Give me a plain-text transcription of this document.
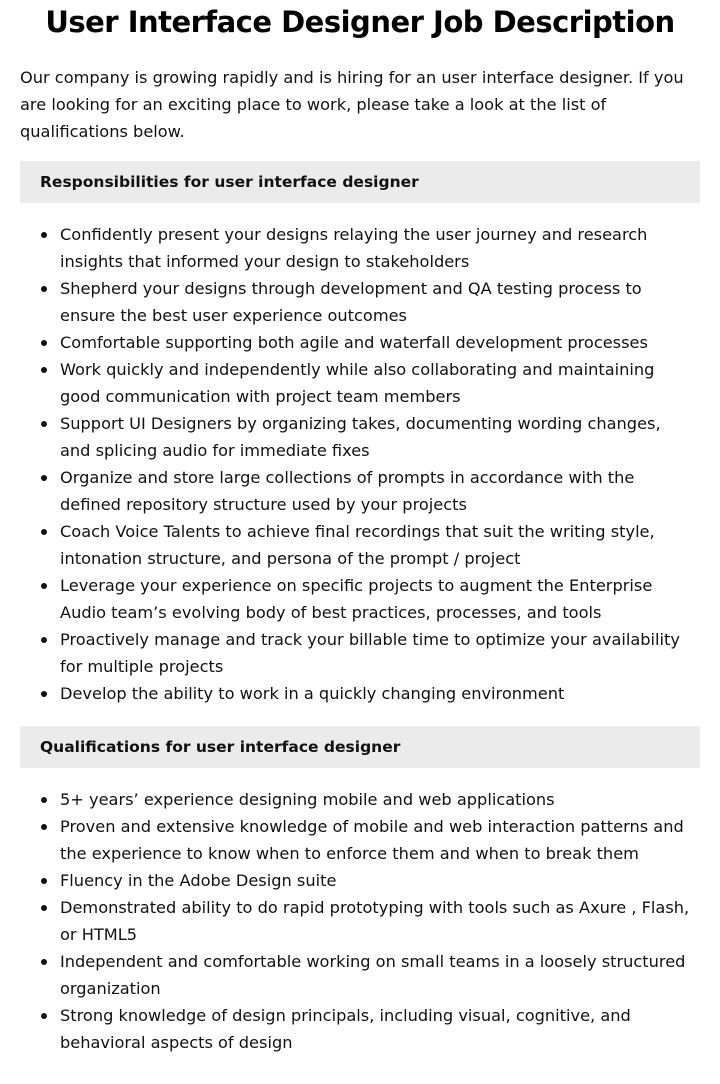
User Interface Designer Job Description

Our company is growing rapidly and is hiring for an user interface designer. If you are looking for an exciting place to work, please take a look at the list of qualifications below.

Responsibilities for user interface designer
Confidently present your designs relaying the user journey and research insights that informed your design to stakeholders
Shepherd your designs through development and QA testing process to ensure the best user experience outcomes
Comfortable supporting both agile and waterfall development processes
Work quickly and independently while also collaborating and maintaining good communication with project team members
Support UI Designers by organizing takes, documenting wording changes, and splicing audio for immediate fixes
Organize and store large collections of prompts in accordance with the defined repository structure used by your projects
Coach Voice Talents to achieve final recordings that suit the writing style, intonation structure, and persona of the prompt / project
Leverage your experience on specific projects to augment the Enterprise Audio team’s evolving body of best practices, processes, and tools
Proactively manage and track your billable time to optimize your availability for multiple projects
Develop the ability to work in a quickly changing environment
Qualifications for user interface designer
5+ years’ experience designing mobile and web applications
Proven and extensive knowledge of mobile and web interaction patterns and the experience to know when to enforce them and when to break them
Fluency in the Adobe Design suite
Demonstrated ability to do rapid prototyping with tools such as Axure , Flash, or HTML5
Independent and comfortable working on small teams in a loosely structured organization
Strong knowledge of design principals, including visual, cognitive, and behavioral aspects of design
